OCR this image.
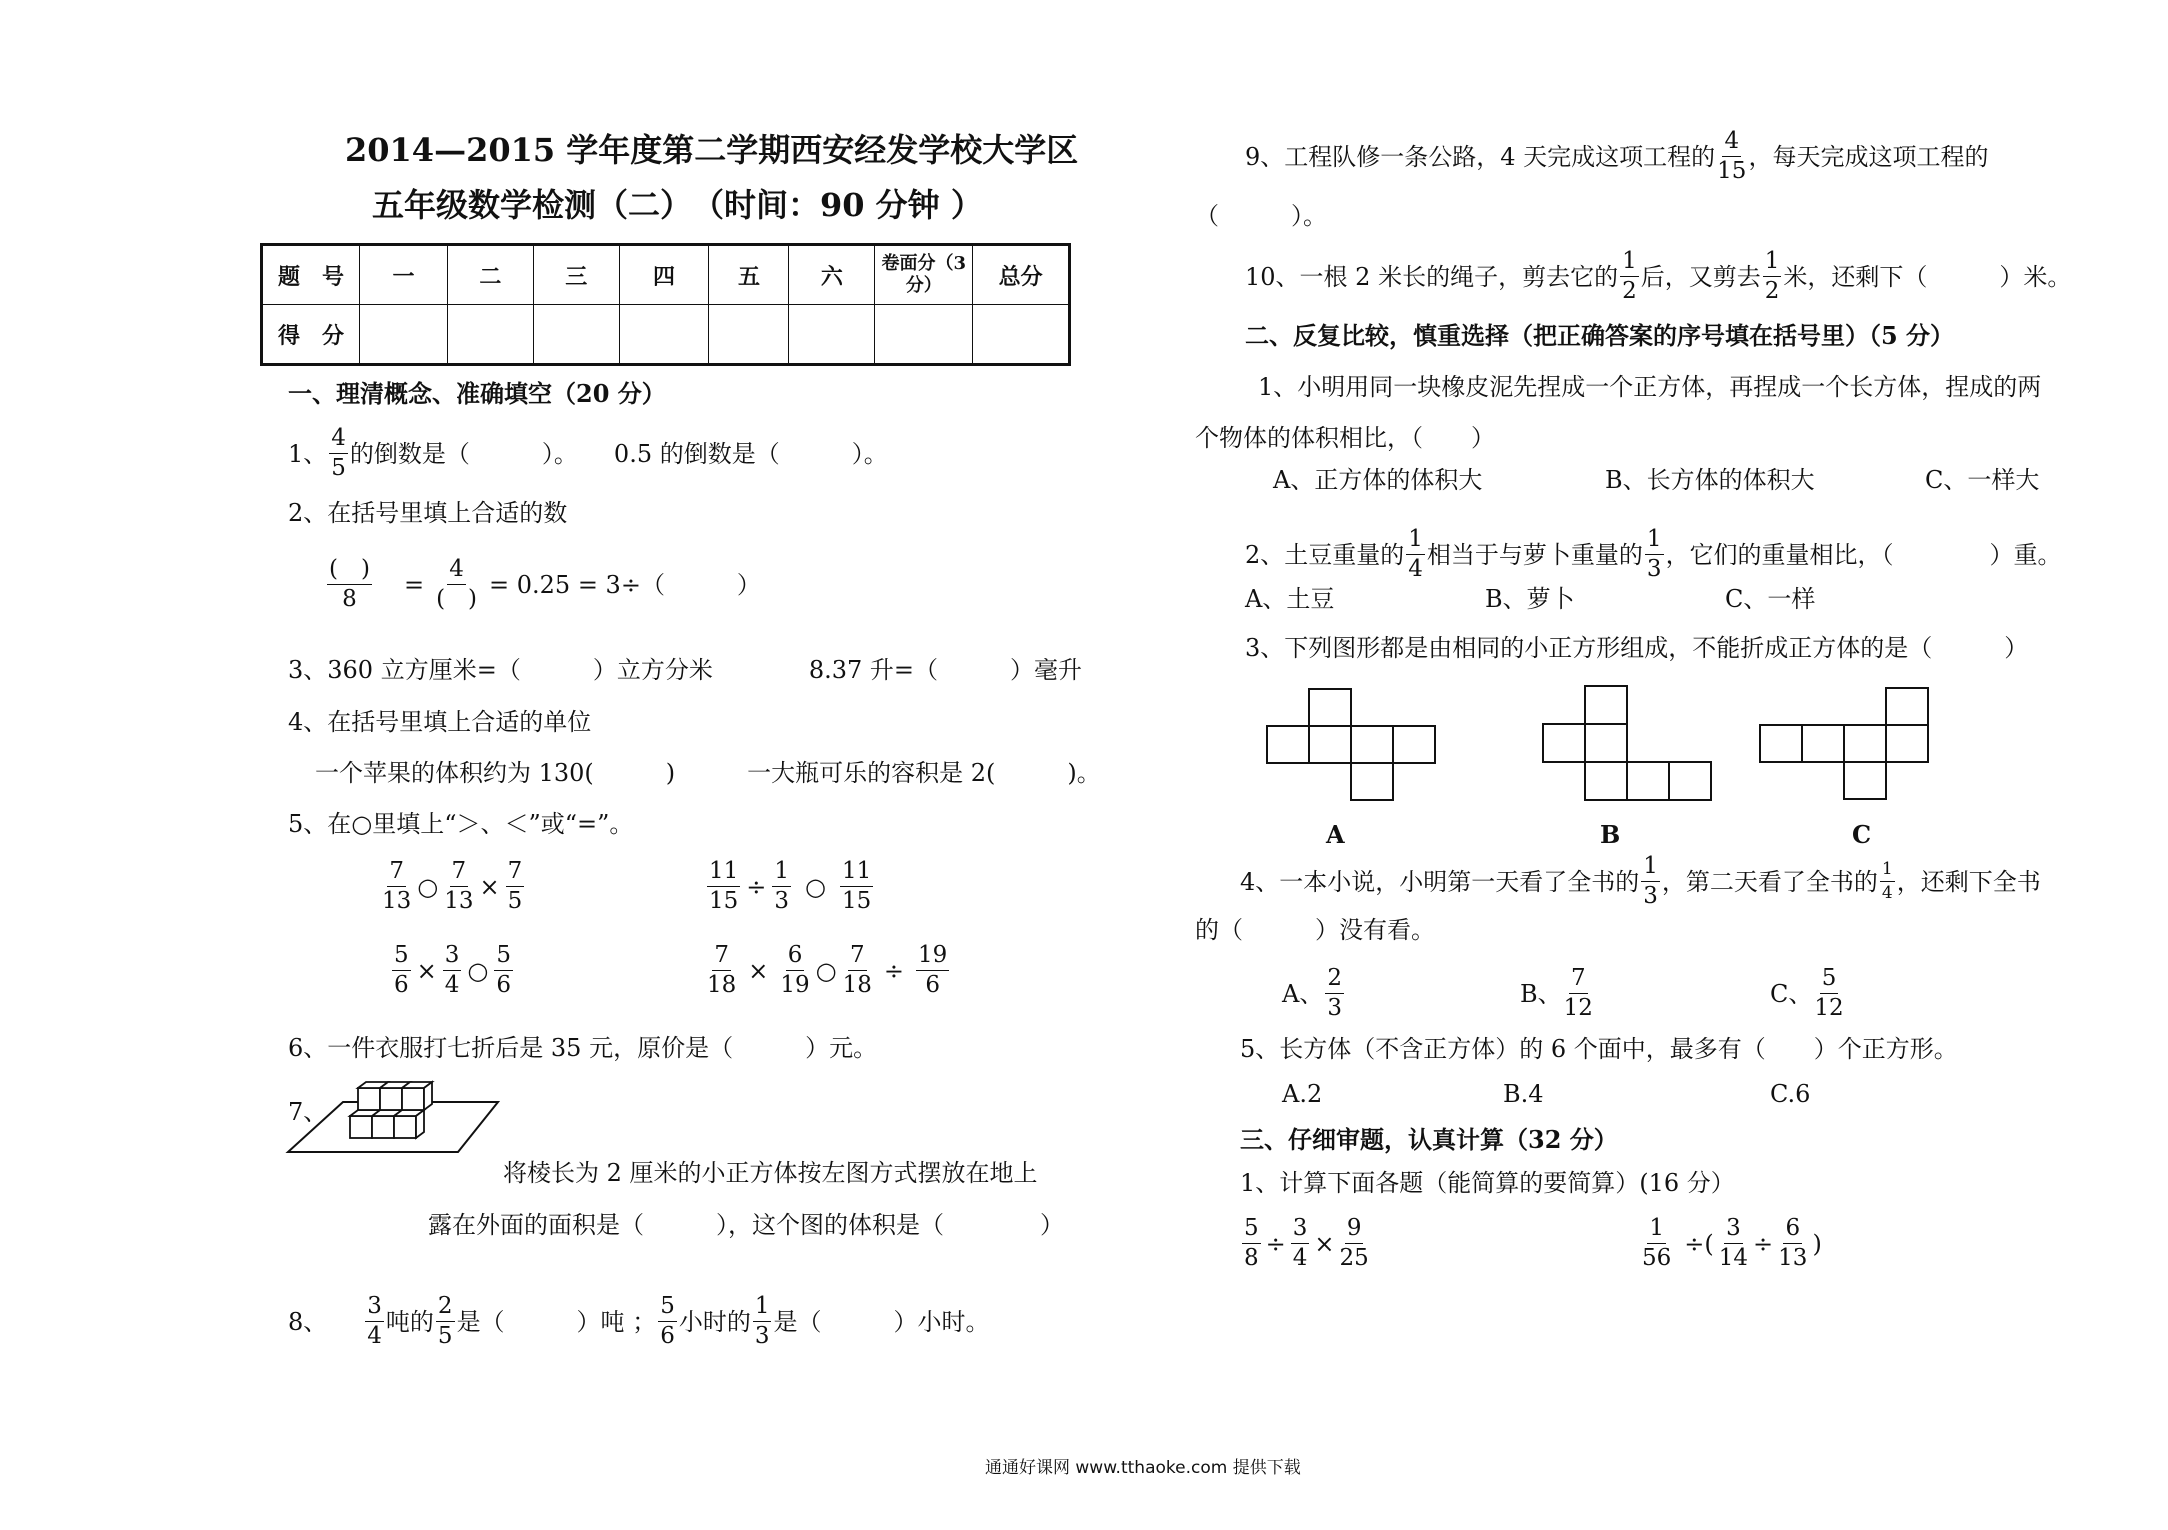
2014—2015 学年度第二学期西安经发学校大学区
五年级数学检测（二）　（时间：90 分钟 ）
题　号	一	二	三	四	五	六	卷面分（3 分）	总分
得　分								
一、理清概念、准确填空（20 分）
1、 $\frac{4}{5}$ 的倒数是（　　　）。　　0.5 的倒数是（　　　）。
2、在括号里填上合适的数
$\frac{( )}{8} = \frac{4}{( )} = 0.25 = 3\div$（　　　）
3、360 立方厘米=（　　　）立方分米　　　　8.37 升=（　　　）毫升
4、在括号里填上合适的单位
一个苹果的体积约为 130(　　　)　　　一大瓶可乐的容积是 2(　　　)。
5、在○里填上“＞、＜”或“=”。
$\frac{7}{13}$ ○ $\frac{7}{13} \times \frac{7}{5}$	$\frac{11}{15} \div \frac{1}{3}$ ○ $\frac{11}{15}$
$\frac{5}{6} \times \frac{3}{4}$ ○ $\frac{5}{6}$	$\frac{7}{18} \times \frac{6}{19}$ ○ $\frac{7}{18} \div \frac{19}{6}$
6、一件衣服打七折后是 35 元，原价是（　　　）元。
7、
将棱长为 2 厘米的小正方体按左图方式摆放在地上
露在外面的面积是（　　　），这个图的体积是（　　　　）
8、 $\frac{3}{4}$ 吨的 $\frac{2}{5}$ 是（　　　）吨 ； $\frac{5}{6}$ 小时的 $\frac{1}{3}$ 是（　　　）小时。
9、工程队修一条公路，4 天完成这项工程的 $\frac{4}{15}$ ，每天完成这项工程的
（　　　）。
10、一根 2 米长的绳子，剪去它的 $\frac{1}{2}$ 后，又剪去 $\frac{1}{2}$ 米，还剩下（　　　）米。
二、反复比较，慎重选择（把正确答案的序号填在括号里）（5 分）
1、小明用同一块橡皮泥先捏成一个正方体，再捏成一个长方体，捏成的两
个物体的体积相比，（　　）
A、正方体的体积大	B、长方体的体积大	C、一样大
2、土豆重量的 $\frac{1}{4}$ 相当于与萝卜重量的 $\frac{1}{3}$ ，它们的重量相比，（　　　　）重。
A、土豆	B、萝卜	C、一样
3、下列图形都是由相同的小正方形组成，不能折成正方体的是（　　　）
A	B	C
4、一本小说，小明第一天看了全书的 $\frac{1}{3}$ ，第二天看了全书的 $\frac{1}{4}$ ，还剩下全书
的（　　　）没有看。
A、 $\frac{2}{3}$	B、 $\frac{7}{12}$	C、 $\frac{5}{12}$
5、长方体（不含正方体）的 6 个面中，最多有（　　）个正方形。
A.2	B.4	C.6
三、仔细审题，认真计算（32 分）
1、计算下面各题（能简算的要简算）(16 分）
$\frac{5}{8} \div \frac{3}{4} \times \frac{9}{25}$	$\frac{1}{56}$ ÷( $\frac{3}{14} \div \frac{6}{13}$ )
通通好课网 www.tthaoke.com 提供下载
